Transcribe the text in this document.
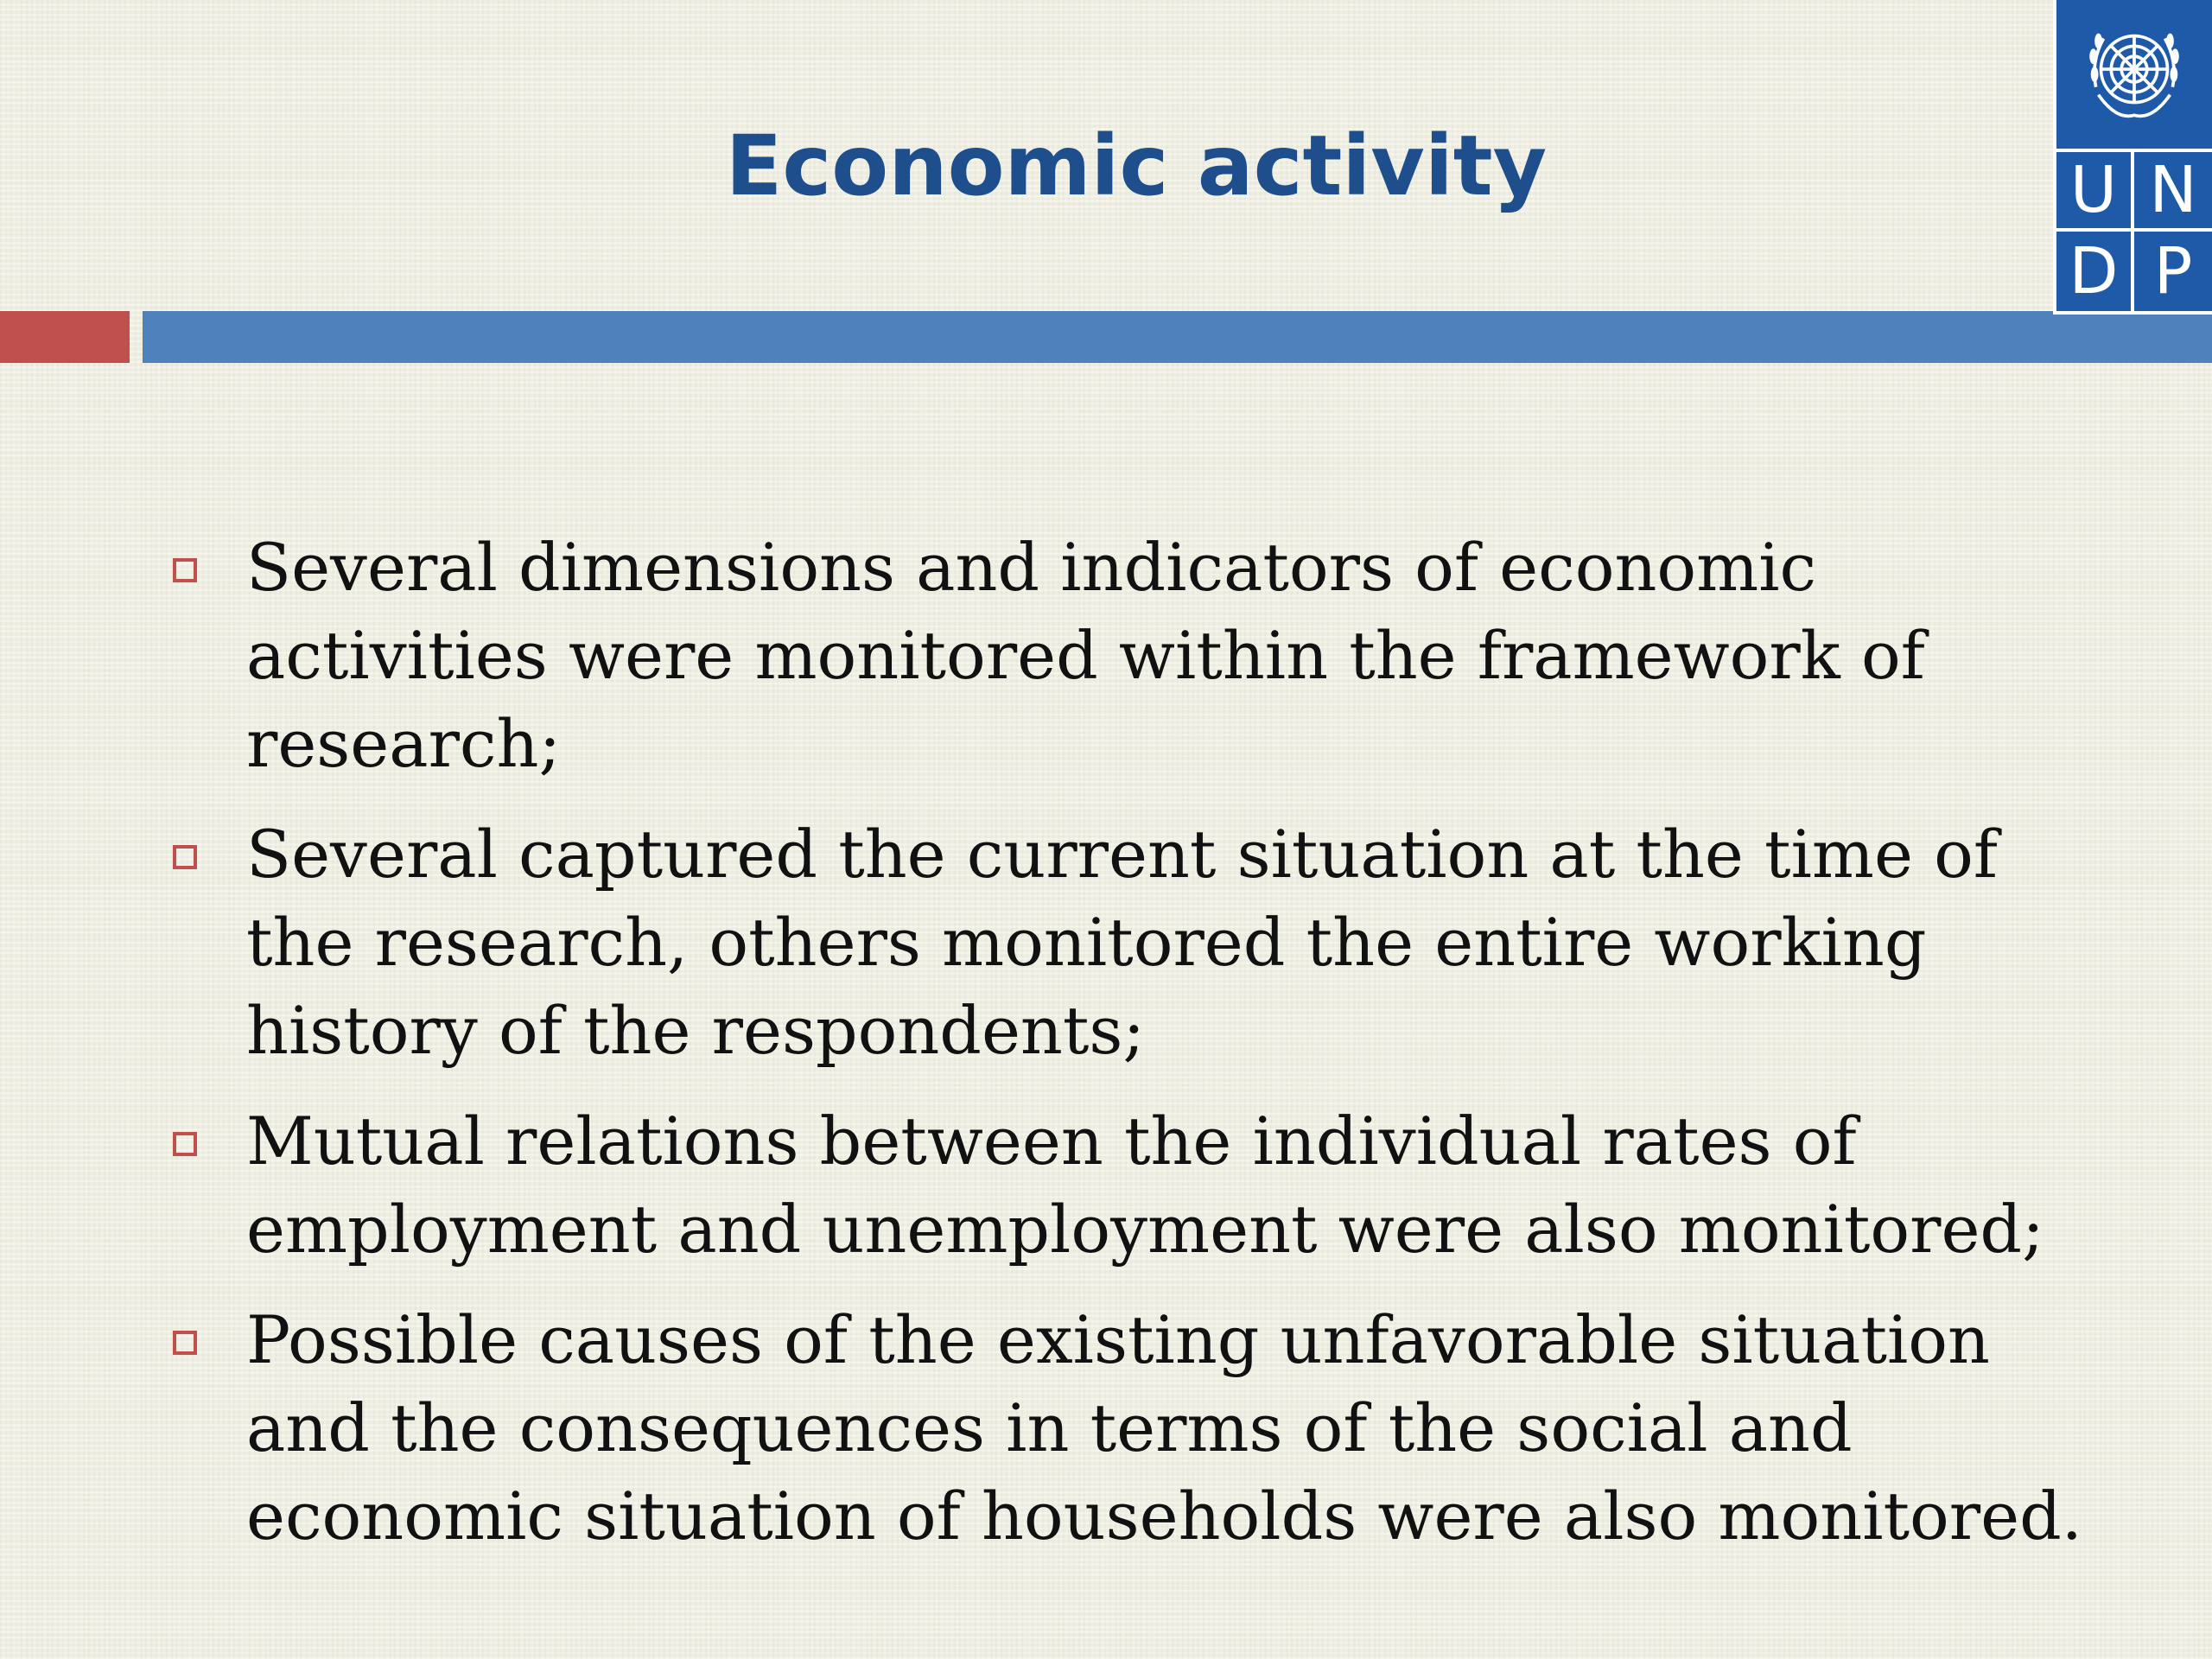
Economic activity	U N
D P
Several dimensions and indicators of economic activities were monitored within the framework of research;
Several captured the current situation at the time of the research, others monitored the entire working history of the respondents;
Mutual relations between the individual rates of employment and unemployment were also monitored;
Possible causes of the existing unfavorable situation and the consequences in terms of the social and economic situation of households were also monitored.
